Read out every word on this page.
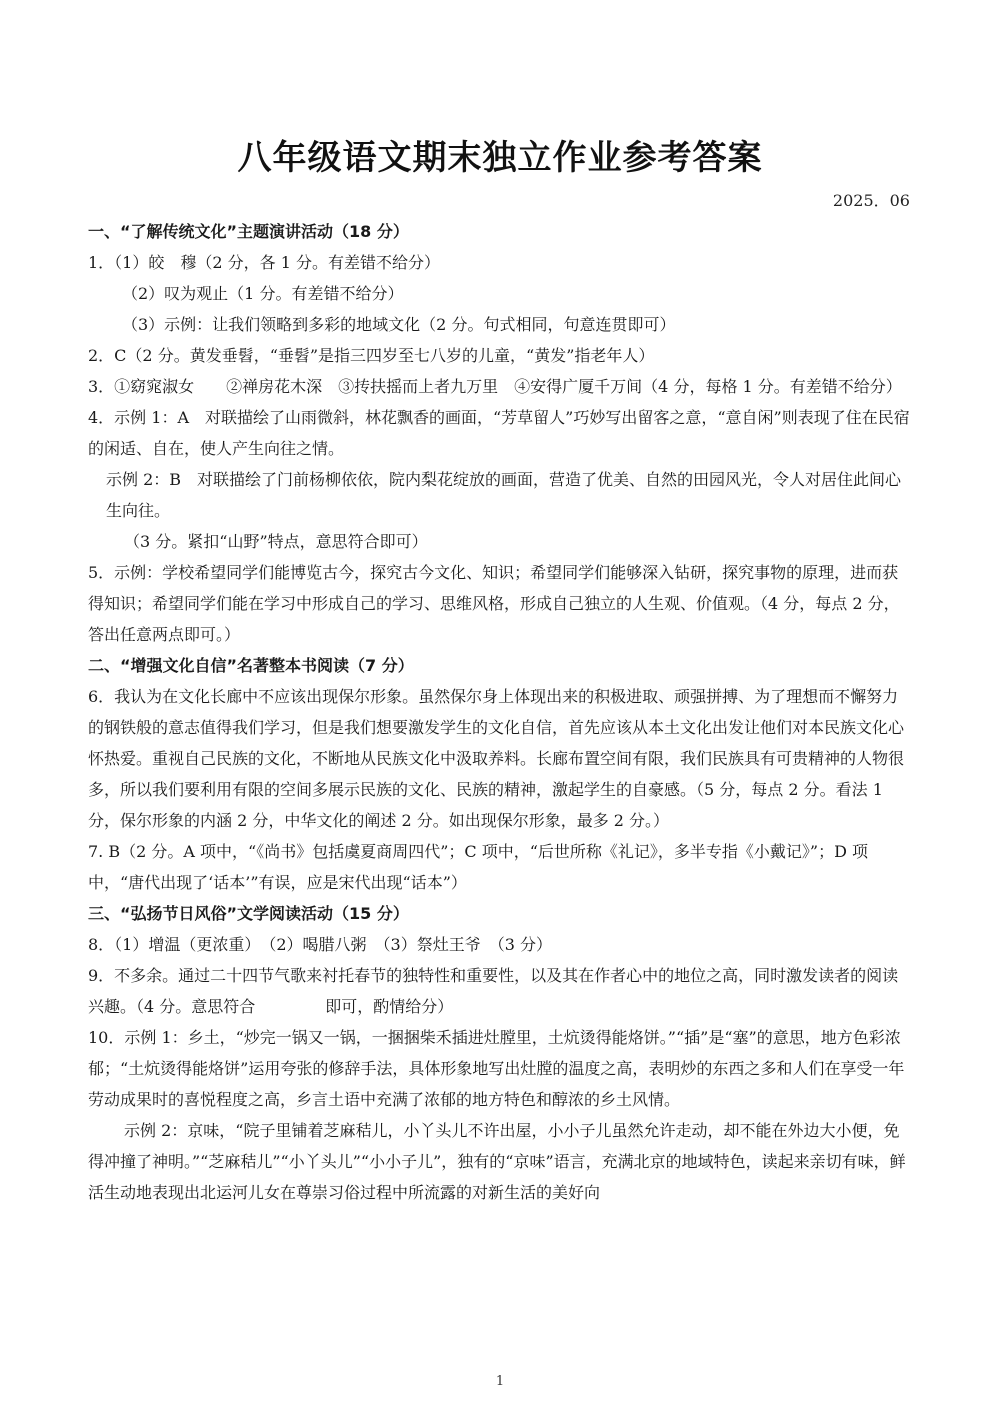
八年级语文期末独立作业参考答案
2025．06

一、“了解传统文化”主题演讲活动（18 分）

1．（1）皎　穆（2 分，各 1 分。有差错不给分）

（2）叹为观止（1 分。有差错不给分）

（3）示例：让我们领略到多彩的地域文化（2 分。句式相同，句意连贯即可）

2．C（2 分。黄发垂髫，“垂髫”是指三四岁至七八岁的儿童，“黄发”指老年人）

3．①窈窕淑女　　②禅房花木深　③抟扶摇而上者九万里　④安得广厦千万间（4 分，每格 1 分。有差错不给分）

4．示例 1：A　对联描绘了山雨微斜，林花飘香的画面，“芳草留人”巧妙写出留客之意，“意自闲”则表现了住在民宿的闲适、自在，使人产生向往之情。

示例 2：B　对联描绘了门前杨柳依依，院内梨花绽放的画面，营造了优美、自然的田园风光，令人对居住此间心生向往。

（3 分。紧扣“山野”特点，意思符合即可）

5．示例：学校希望同学们能博览古今，探究古今文化、知识；希望同学们能够深入钻研，探究事物的原理，进而获得知识；希望同学们能在学习中形成自己的学习、思维风格，形成自己独立的人生观、价值观。（4 分，每点 2 分，答出任意两点即可。）

二、“增强文化自信”名著整本书阅读（7 分）

6．我认为在文化长廊中不应该出现保尔形象。虽然保尔身上体现出来的积极进取、顽强拼搏、为了理想而不懈努力的钢铁般的意志值得我们学习，但是我们想要激发学生的文化自信，首先应该从本土文化出发让他们对本民族文化心怀热爱。重视自己民族的文化，不断地从民族文化中汲取养料。长廊布置空间有限，我们民族具有可贵精神的人物很多，所以我们要利用有限的空间多展示民族的文化、民族的精神，激起学生的自豪感。（5 分，每点 2 分。看法 1 分，保尔形象的内涵 2 分，中华文化的阐述 2 分。如出现保尔形象，最多 2 分。）

7. B（2 分。A 项中，“《尚书》包括虞夏商周四代”；C 项中，“后世所称《礼记》，多半专指《小戴记》”；D 项中，“唐代出现了‘话本’”有误，应是宋代出现“话本”）

三、“弘扬节日风俗”文学阅读活动（15 分）

8．（1）增温（更浓重）　（2）喝腊八粥　（3）祭灶王爷　（3 分）

9．不多余。通过二十四节气歌来衬托春节的独特性和重要性，以及其在作者心中的地位之高，同时激发读者的阅读兴趣。（4 分。意思符合	即可，酌情给分）

10．示例 1：乡土，“炒完一锅又一锅，一捆捆柴禾插进灶膛里，土炕烫得能烙饼。”“插”是“塞”的意思，地方色彩浓郁；“土炕烫得能烙饼”运用夸张的修辞手法，具体形象地写出灶膛的温度之高，表明炒的东西之多和人们在享受一年劳动成果时的喜悦程度之高，乡言土语中充满了浓郁的地方特色和醇浓的乡土风情。

示例 2：京味，“院子里铺着芝麻秸儿，小丫头儿不许出屋，小小子儿虽然允许走动，却不能在外边大小便，免得冲撞了神明。”“芝麻秸儿”“小丫头儿”“小小子儿”，独有的“京味”语言，充满北京的地域特色，读起来亲切有味，鲜活生动地表现出北运河儿女在尊崇习俗过程中所流露的对新生活的美好向

1
